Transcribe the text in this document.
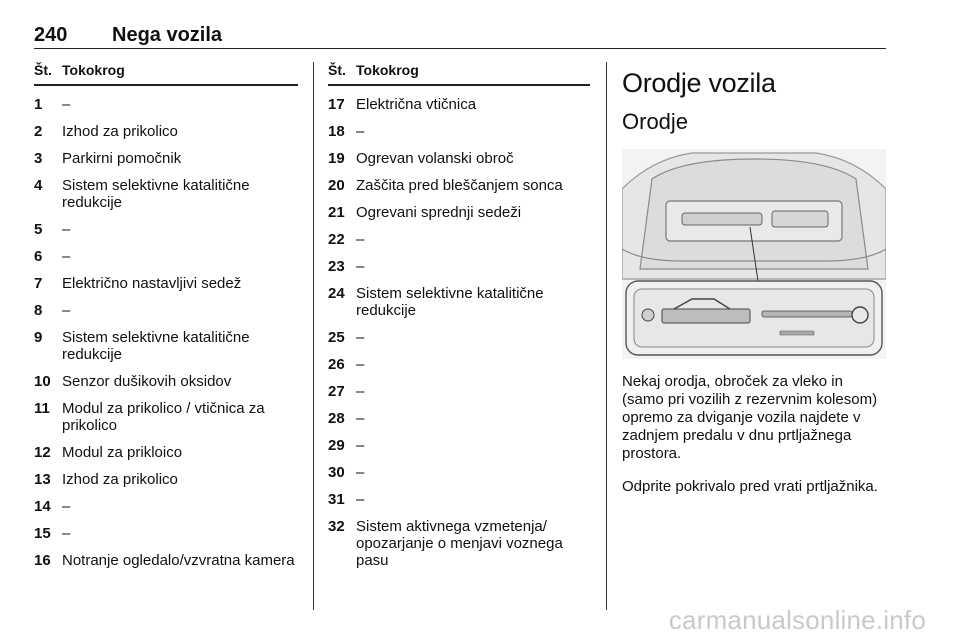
240 Nega vozila
Št. Tokokrog
1	–
2	Izhod za prikolico
3	Parkirni pomočnik
4	Sistem selektivne katalitične redukcije
5	–
6	–
7	Električno nastavljivi sedež
8	–
9	Sistem selektivne katalitične redukcije
10 Senzor dušikovih oksidov
11 Modul za prikolico / vtičnica za prikolico
12 Modul za prikloico
13 Izhod za prikolico
14 –
15 –
16 Notranje ogledalo/vzvratna kamera
Št. Tokokrog
17 Električna vtičnica
18 –
19 Ogrevan volanski obroč
20 Zaščita pred bleščanjem sonca
21 Ogrevani sprednji sedeži
22 –
23 –
24 Sistem selektivne katalitične redukcije
25 –
26 –
27 –
28 –
29 –
30 –
31 –
32 Sistem aktivnega vzmetenja/ opozarjanje o menjavi voznega pasu
Orodje vozila
Orodje

Nekaj orodja, obroček za vleko in (samo pri vozilih z rezervnim kolesom) opremo za dviganje vozila najdete v zadnjem predalu v dnu prtljažnega prostora.

Odprite pokrivalo pred vrati prtljažnika.

carmanualsonline.info
